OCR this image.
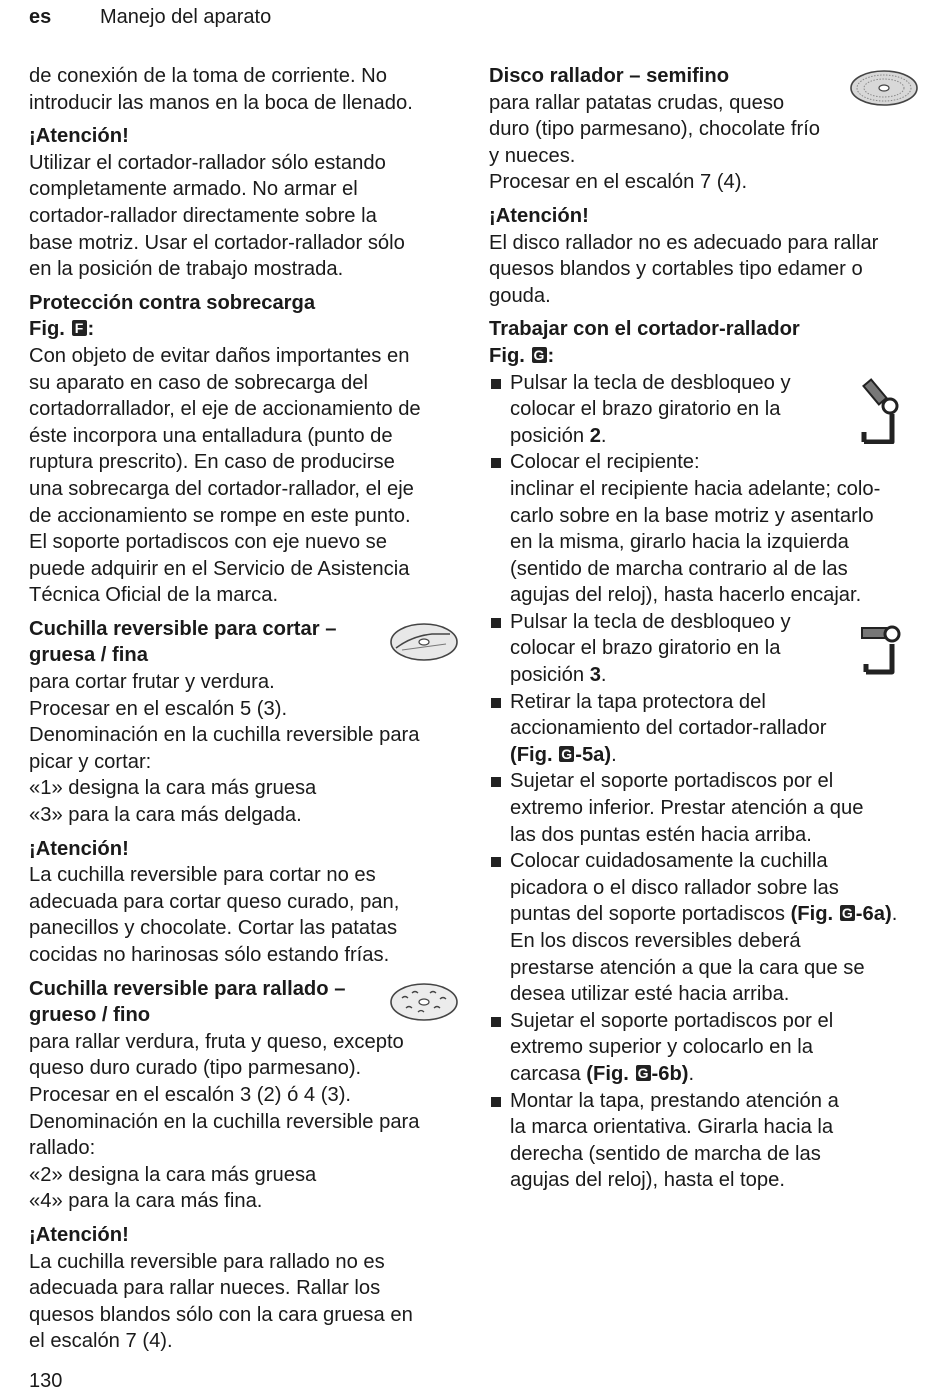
es Manejo del aparato

de conexión de la toma de corriente. No
introducir las manos en la boca de llenado.

¡Atención!
Utilizar el cortador-rallador sólo estando
completamente armado. No armar el
cortador-rallador directamente sobre la
base motriz. Usar el cortador-rallador sólo
en la posición de trabajo mostrada.

Protección contra sobrecarga
Fig. F :
Con objeto de evitar daños importantes en
su aparato en caso de sobrecarga del
cortadorrallador, el eje de accionamiento de
éste incorpora una entalladura (punto de
ruptura prescrito). En caso de producirse
una sobrecarga del cortador-rallador, el eje
de accionamiento se rompe en este punto.
El soporte portadiscos con eje nuevo se
puede adquirir en el Servicio de Asistencia
Técnica Oficial de la marca.

Cuchilla reversible para cortar –
gruesa / fina
para cortar frutar y verdura.
Procesar en el escalón 5 (3).
Denominación en la cuchilla reversible para
picar y cortar:
«1» designa la cara más gruesa
«3» para la cara más delgada.

¡Atención!
La cuchilla reversible para cortar no es
adecuada para cortar queso curado, pan,
panecillos y chocolate. Cortar las patatas
cocidas no harinosas sólo estando frías.

Cuchilla reversible para rallado –
grueso / fino
para rallar verdura, fruta y queso, excepto
queso duro curado (tipo parmesano).
Procesar en el escalón 3 (2) ó 4 (3).
Denominación en la cuchilla reversible para
rallado:
«2» designa la cara más gruesa
«4» para la cara más fina.

¡Atención!
La cuchilla reversible para rallado no es
adecuada para rallar nueces. Rallar los
quesos blandos sólo con la cara gruesa en
el escalón 7 (4).

Disco rallador – semifino
para rallar patatas crudas, queso
duro (tipo parmesano), chocolate frío
y nueces.
Procesar en el escalón 7 (4).

¡Atención!
El disco rallador no es adecuado para rallar
quesos blandos y cortables tipo edamer o
gouda.

Trabajar con el cortador-rallador
Fig. G :

Pulsar la tecla de desbloqueo y
colocar el brazo giratorio en la
posición 2.
Colocar el recipiente:
inclinar el recipiente hacia adelante; colo-
carlo sobre en la base motriz y asentarlo
en la misma, girarlo hacia la izquierda
(sentido de marcha contrario al de las
agujas del reloj), hasta hacerlo encajar.
Pulsar la tecla de desbloqueo y
colocar el brazo giratorio en la
posición 3.
Retirar la tapa protectora del
accionamiento del cortador-rallador
(Fig. G -5a).
Sujetar el soporte portadiscos por el
extremo inferior. Prestar atención a que
las dos puntas estén hacia arriba.
Colocar cuidadosamente la cuchilla
picadora o el disco rallador sobre las
puntas del soporte portadiscos (Fig. G -6a).
En los discos reversibles deberá
prestarse atención a que la cara que se
desea utilizar esté hacia arriba.
Sujetar el soporte portadiscos por el
extremo superior y colocarlo en la
carcasa (Fig. G -6b).
Montar la tapa, prestando atención a
la marca orientativa. Girarla hacia la
derecha (sentido de marcha de las
agujas del reloj), hasta el tope.
130
